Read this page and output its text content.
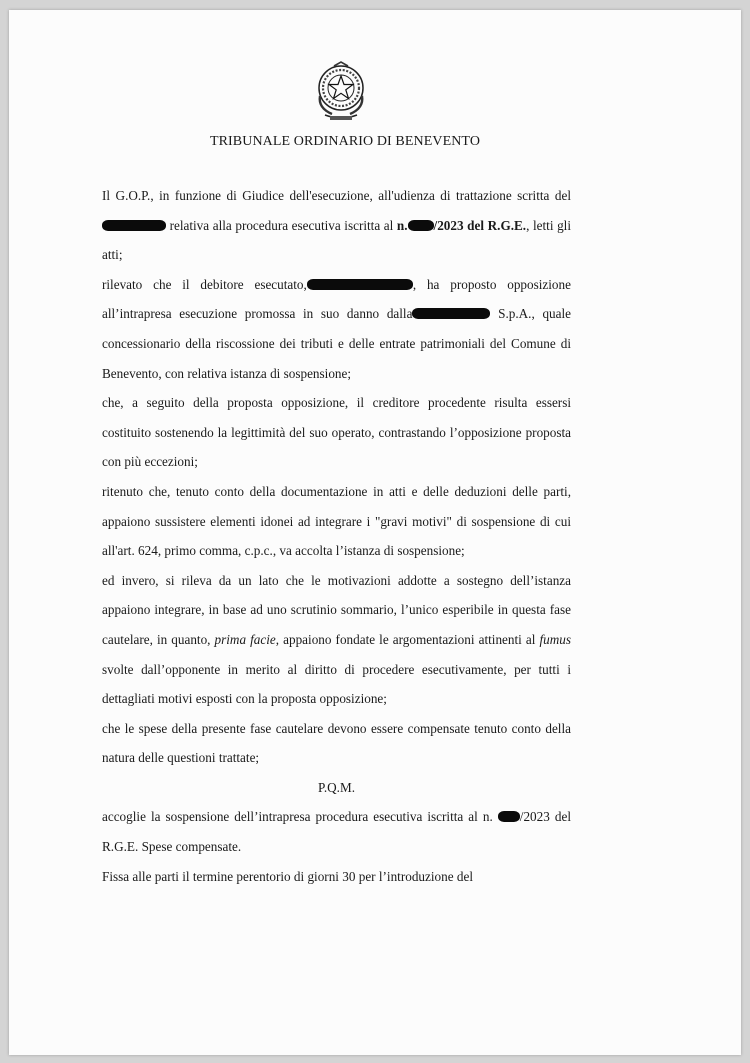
TRIBUNALE ORDINARIO DI BENEVENTO

Il G.O.P., in funzione di Giudice dell'esecuzione, all'udienza di trattazione scritta del  relativa alla procedura esecutiva iscritta al n. /2023 del R.G.E., letti gli atti;

rilevato che il debitore esecutato,	, ha proposto opposizione all’intrapresa esecuzione promossa in suo danno dalla	S.p.A., quale concessionario della riscossione dei tributi e delle entrate patrimoniali del Comune di Benevento, con relativa istanza di sospensione;

che, a seguito della proposta opposizione, il creditore procedente risulta essersi costituito sostenendo la legittimità del suo operato, contrastando l’opposizione proposta con più eccezioni;

ritenuto che, tenuto conto della documentazione in atti e delle deduzioni delle parti, appaiono sussistere elementi idonei ad integrare i "gravi motivi" di sospensione di cui all'art. 624, primo comma, c.p.c., va accolta l’istanza di sospensione;

ed invero, si rileva da un lato che le motivazioni addotte a sostegno dell’istanza appaiono integrare, in base ad uno scrutinio sommario, l’unico esperibile in questa fase cautelare, in quanto, prima facie, appaiono fondate le argomentazioni attinenti al fumus svolte dall’opponente in merito al diritto di procedere esecutivamente, per tutti i dettagliati motivi esposti con la proposta opposizione;

che le spese della presente fase cautelare devono essere compensate tenuto conto della natura delle questioni trattate;

P.Q.M.

accoglie la sospensione dell’intrapresa procedura esecutiva iscritta al n. /2023 del R.G.E. Spese compensate.

Fissa alle parti il termine perentorio di giorni 30 per l’introduzione del
